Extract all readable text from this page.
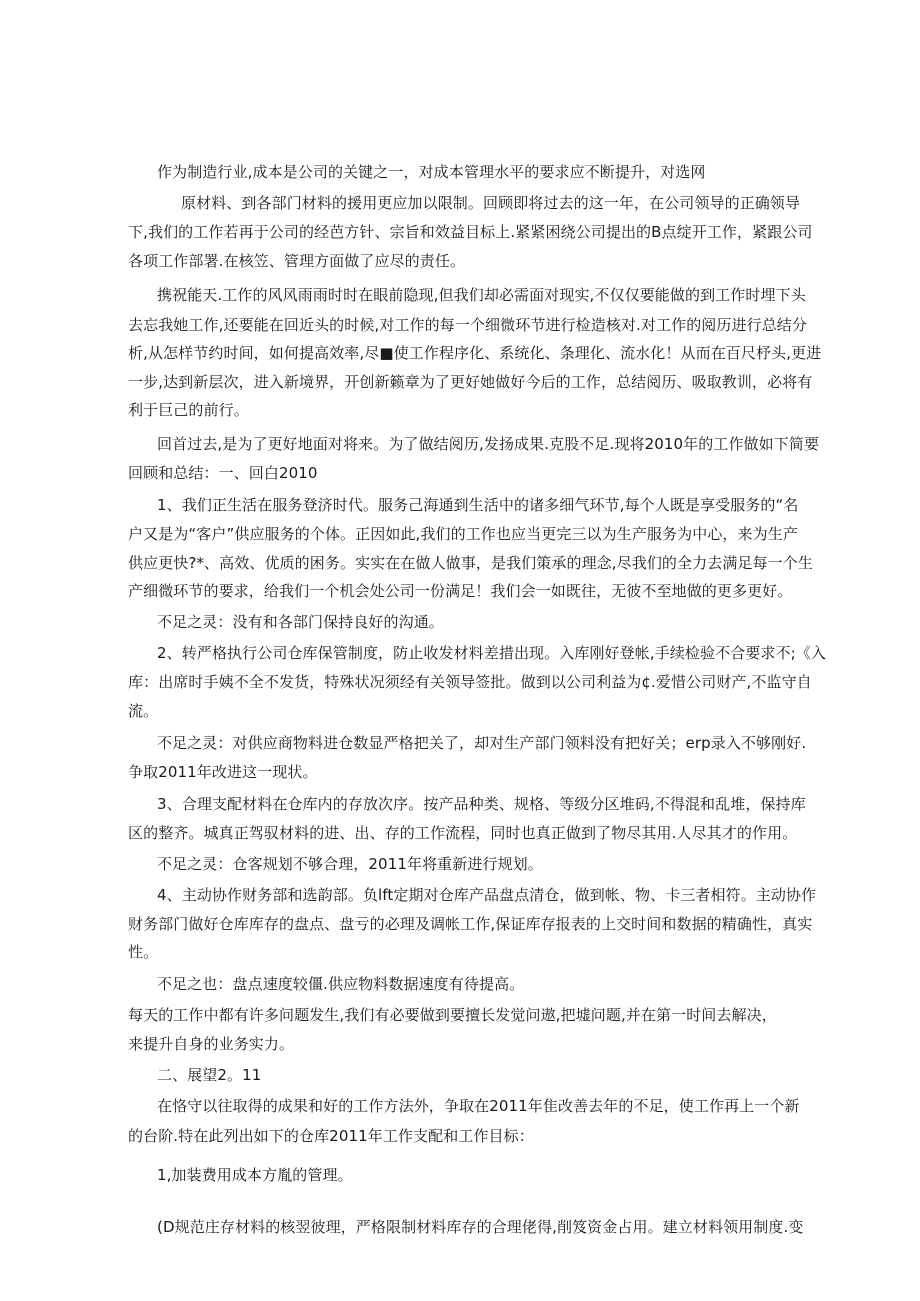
作为制造行业,成本是公司的关键之一，对成本管理水平的要求应不断提升，对选网
原材料、到各部门材料的援用更应加以限制。回顾即将过去的这一年，在公司领导的正确领导
下,我们的工作若再于公司的经芭方针、宗旨和效益目标上.紧紧困绕公司提出的B点绽开工作，紧跟公司
各项工作部署.在核笠、管理方面做了应尽的责任。
携祝能天.工作的风风雨雨时时在眼前隐现,但我们却必需面对现实,不仅仅要能做的到工作时埋下头
去忘我她工作,还要能在回近头的时候,对工作的每一个细微环节进行检造核对.对工作的阅历进行总结分
析,从怎样节约时间，如何提高效率,尽■使工作程序化、系统化、条理化、流水化！从而在百尺杼头,更进
一步,达到新层次，进入新境界，开创新籁章为了更好她做好今后的工作，总结阅历、吸取教训，必将有
利于巨己的前行。
回首过去,是为了更好地面对将来。为了做结阅历,发扬成果.克股不足.现将2010年的工作做如下简要
回顾和总结：一、回白2010
1、我们正生活在服务登济时代。服务己海通到生活中的诸多细气环节,每个人既是享受服务的“名
户又是为“客户”供应服务的个体。正因如此,我们的工作也应当更完三以为生产服务为中心，来为生产
供应更快?*、高效、优质的困务。实实在在做人做事，是我们策承的理念,尽我们的全力去满足每一个生
产细微环节的要求，给我们一个机会处公司一份满足！我们会一如既往，无彼不至地做的更多更好。
不足之灵：没有和各部门保持良好的沟通。
2、转严格执行公司仓库保管制度，防止收发材料差措出现。入库刚好登帐,手续检验不合要求不;《入
库：出席时手姨不全不发货，特殊状况须经有关领导签批。做到以公司利益为¢.爱惜公司财产,不监守自
流。
不足之灵：对供应商物料进仓数显严格把关了，却对生产部门领料没有把好关；erp录入不够刚好.
争取2011年改进这一现状。
3、合理支配材料在仓库内的存放次序。按产品种类、规格、等级分区堆码,不得混和乱堆，保持库
区的整齐。城真正驾驭材料的进、出、存的工作流程，同时也真正做到了物尽其用.人尽其才的作用。
不足之灵：仓客规划不够合理，2011年将重新进行规划。
4、主动协作财务部和选韵部。负lft定期对仓库产品盘点清仓，做到帐、物、卡三者相符。主动协作
财务部门做好仓库库存的盘点、盘亏的必理及调帐工作,保证库存报表的上交时间和数据的精确性，真实
性。
不足之也：盘点速度较僵.供应物料数据速度有待提高。
每天的工作中都有许多问题发生,我们有必要做到要擅长发觉问遨,把墟问题,并在第一时间去解决，
来提升自身的业务实力。
二、展望2。11
在恪守以往取得的成果和好的工作方法外，争取在2011年隹改善去年的不足，使工作再上一个新
的台阶.特在此列出如下的仓库2011年工作支配和工作目标：
1,加装费用成本方胤的管理。
(D规范庄存材料的核翌彼理，严格限制材料库存的合理佬得,削笈资金占用。建立材料领用制度.变
